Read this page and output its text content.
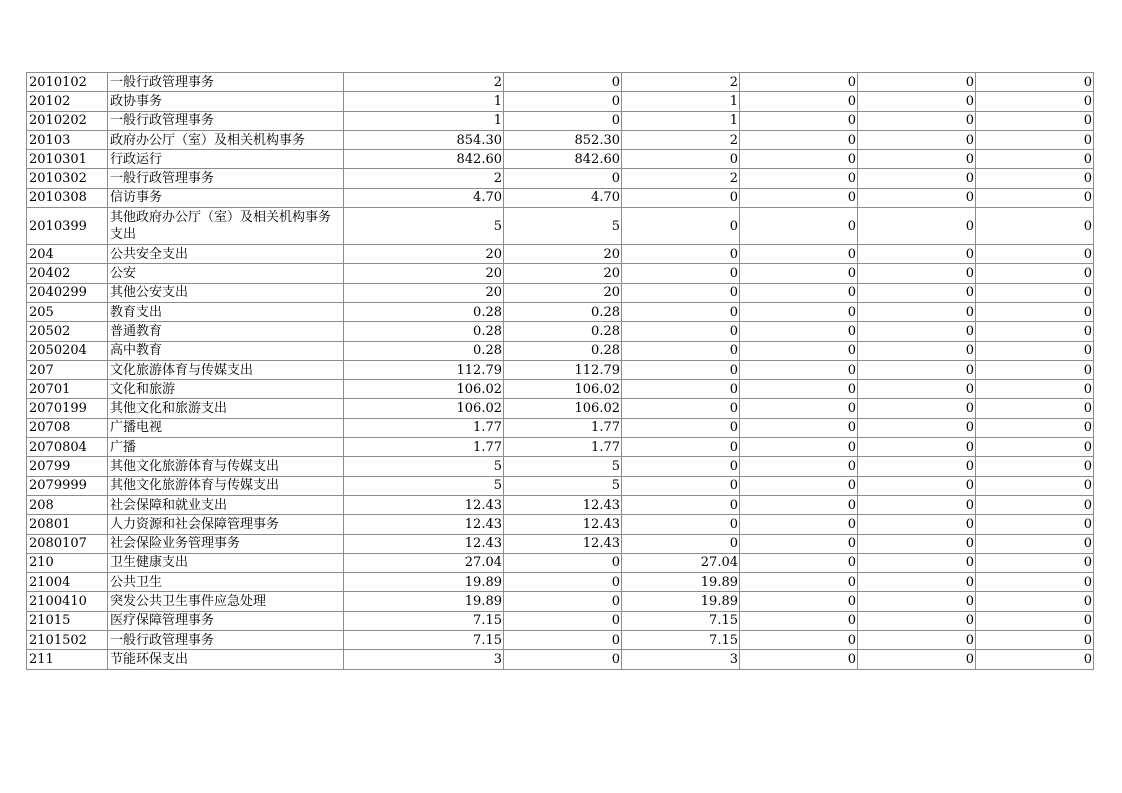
2010102	一般行政管理事务	2	0	2	0	0	0
20102	政协事务	1	0	1	0	0	0
2010202	一般行政管理事务	1	0	1	0	0	0
20103	政府办公厅（室）及相关机构事务	854.30	852.30	2	0	0	0
2010301	行政运行	842.60	842.60	0	0	0	0
2010302	一般行政管理事务	2	0	2	0	0	0
2010308	信访事务	4.70	4.70	0	0	0	0
2010399	其他政府办公厅（室）及相关机构事务支出	5	5	0	0	0	0
204	公共安全支出	20	20	0	0	0	0
20402	公安	20	20	0	0	0	0
2040299	其他公安支出	20	20	0	0	0	0
205	教育支出	0.28	0.28	0	0	0	0
20502	普通教育	0.28	0.28	0	0	0	0
2050204	高中教育	0.28	0.28	0	0	0	0
207	文化旅游体育与传媒支出	112.79	112.79	0	0	0	0
20701	文化和旅游	106.02	106.02	0	0	0	0
2070199	其他文化和旅游支出	106.02	106.02	0	0	0	0
20708	广播电视	1.77	1.77	0	0	0	0
2070804	广播	1.77	1.77	0	0	0	0
20799	其他文化旅游体育与传媒支出	5	5	0	0	0	0
2079999	其他文化旅游体育与传媒支出	5	5	0	0	0	0
208	社会保障和就业支出	12.43	12.43	0	0	0	0
20801	人力资源和社会保障管理事务	12.43	12.43	0	0	0	0
2080107	社会保险业务管理事务	12.43	12.43	0	0	0	0
210	卫生健康支出	27.04	0	27.04	0	0	0
21004	公共卫生	19.89	0	19.89	0	0	0
2100410	突发公共卫生事件应急处理	19.89	0	19.89	0	0	0
21015	医疗保障管理事务	7.15	0	7.15	0	0	0
2101502	一般行政管理事务	7.15	0	7.15	0	0	0
211	节能环保支出	3	0	3	0	0	0
